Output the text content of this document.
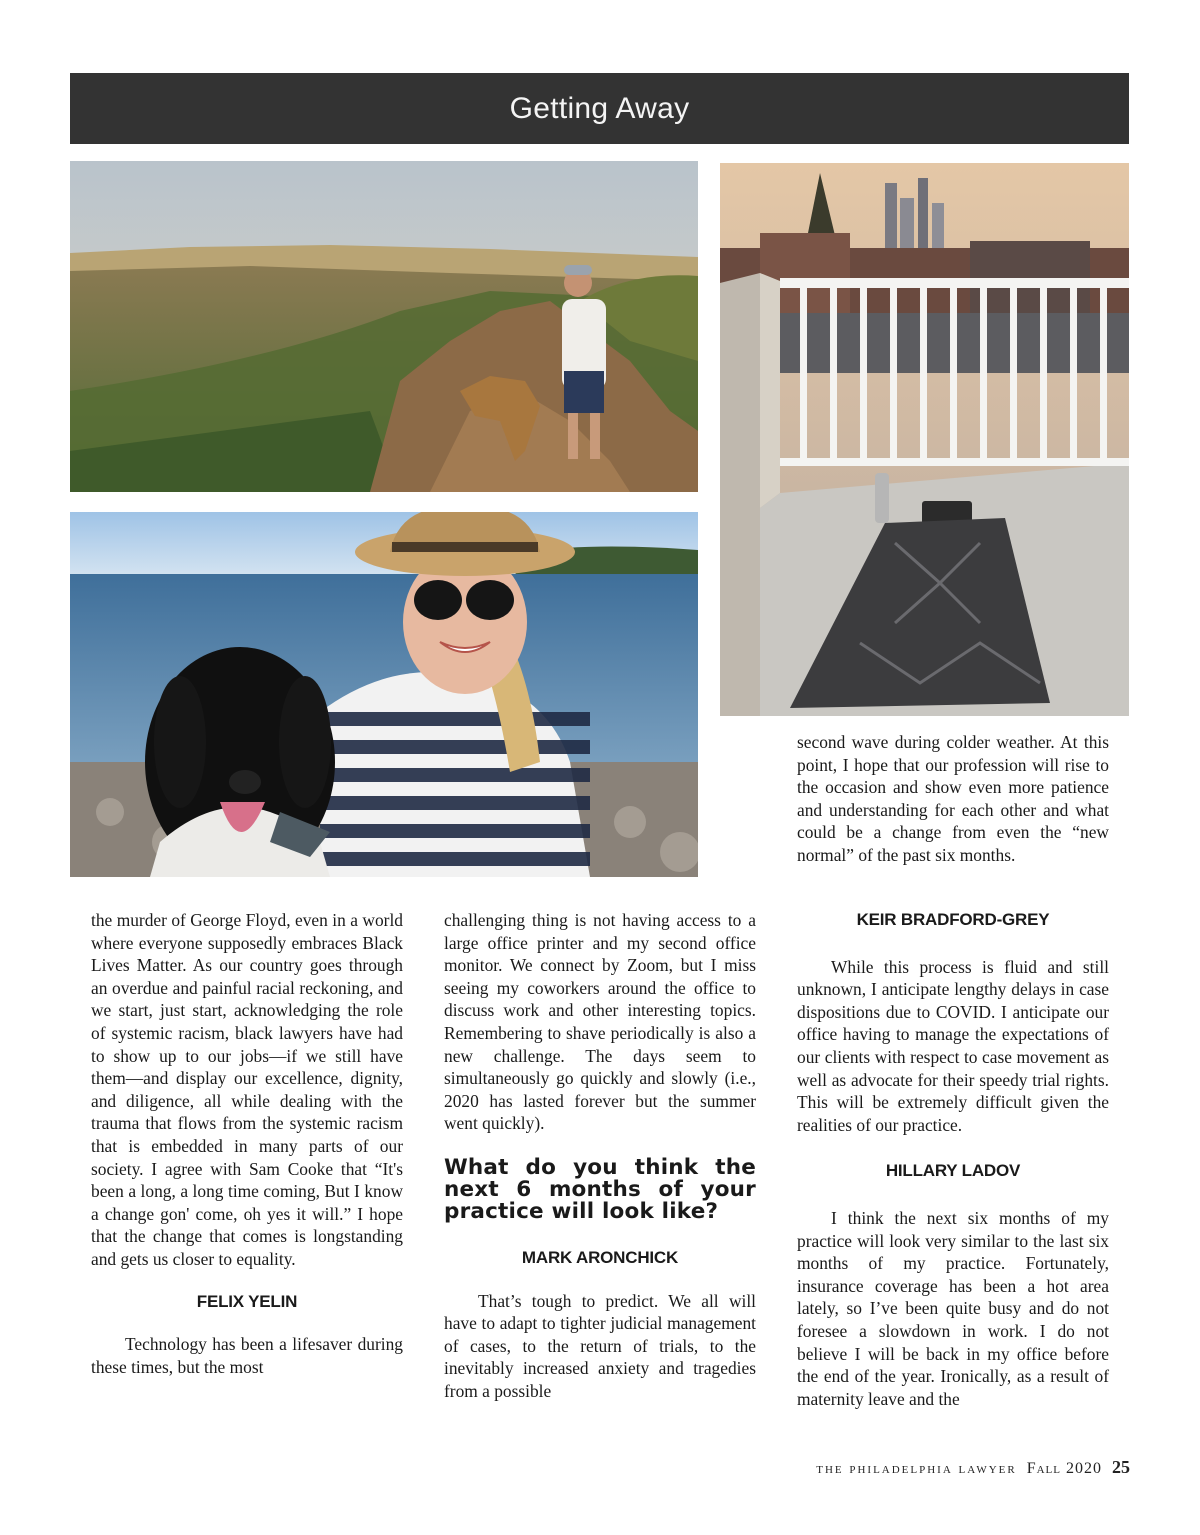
Getting Away

second wave during colder weather. At this point, I hope that our profession will rise to the occasion and show even more patience and understanding for each other and what could be a change from even the “new normal” of the past six months.

the murder of George Floyd, even in a world where everyone supposedly embraces Black Lives Matter. As our country goes through an overdue and painful racial reckoning, and we start, just start, acknowledging the role of systemic racism, black lawyers have had to show up to our jobs—if we still have them—and display our excellence, dignity, and diligence, all while dealing with the trauma that flows from the systemic racism that is embedded in many parts of our society. I agree with Sam Cooke that “It's been a long, a long time coming, But I know a change gon' come, oh yes it will.” I hope that the change that comes is longstanding and gets us closer to equality.

FELIX YELIN

Technology has been a lifesaver during these times, but the most

challenging thing is not having access to a large office printer and my second office monitor. We connect by Zoom, but I miss seeing my coworkers around the office to discuss work and other interesting topics. Remembering to shave periodically is also a new challenge. The days seem to simultaneously go quickly and slowly (i.e., 2020 has lasted forever but the summer went quickly).

What do you think the next 6 months of your practice will look like?

MARK ARONCHICK

That’s tough to predict. We all will have to adapt to tighter judicial management of cases, to the return of trials, to the inevitably increased anxiety and tragedies from a possible

KEIR BRADFORD-GREY

While this process is fluid and still unknown, I anticipate lengthy delays in case dispositions due to COVID. I anticipate our office having to manage the expectations of our clients with respect to case movement as well as advocate for their speedy trial rights. This will be extremely difficult given the realities of our practice.

HILLARY LADOV

I think the next six months of my practice will look very similar to the last six months of my practice. Fortunately, insurance coverage has been a hot area lately, so I’ve been quite busy and do not foresee a slowdown in work. I do not believe I will be back in my office before the end of the year. Ironically, as a result of maternity leave and the

the philadelphia lawyer Fall 2020 25
